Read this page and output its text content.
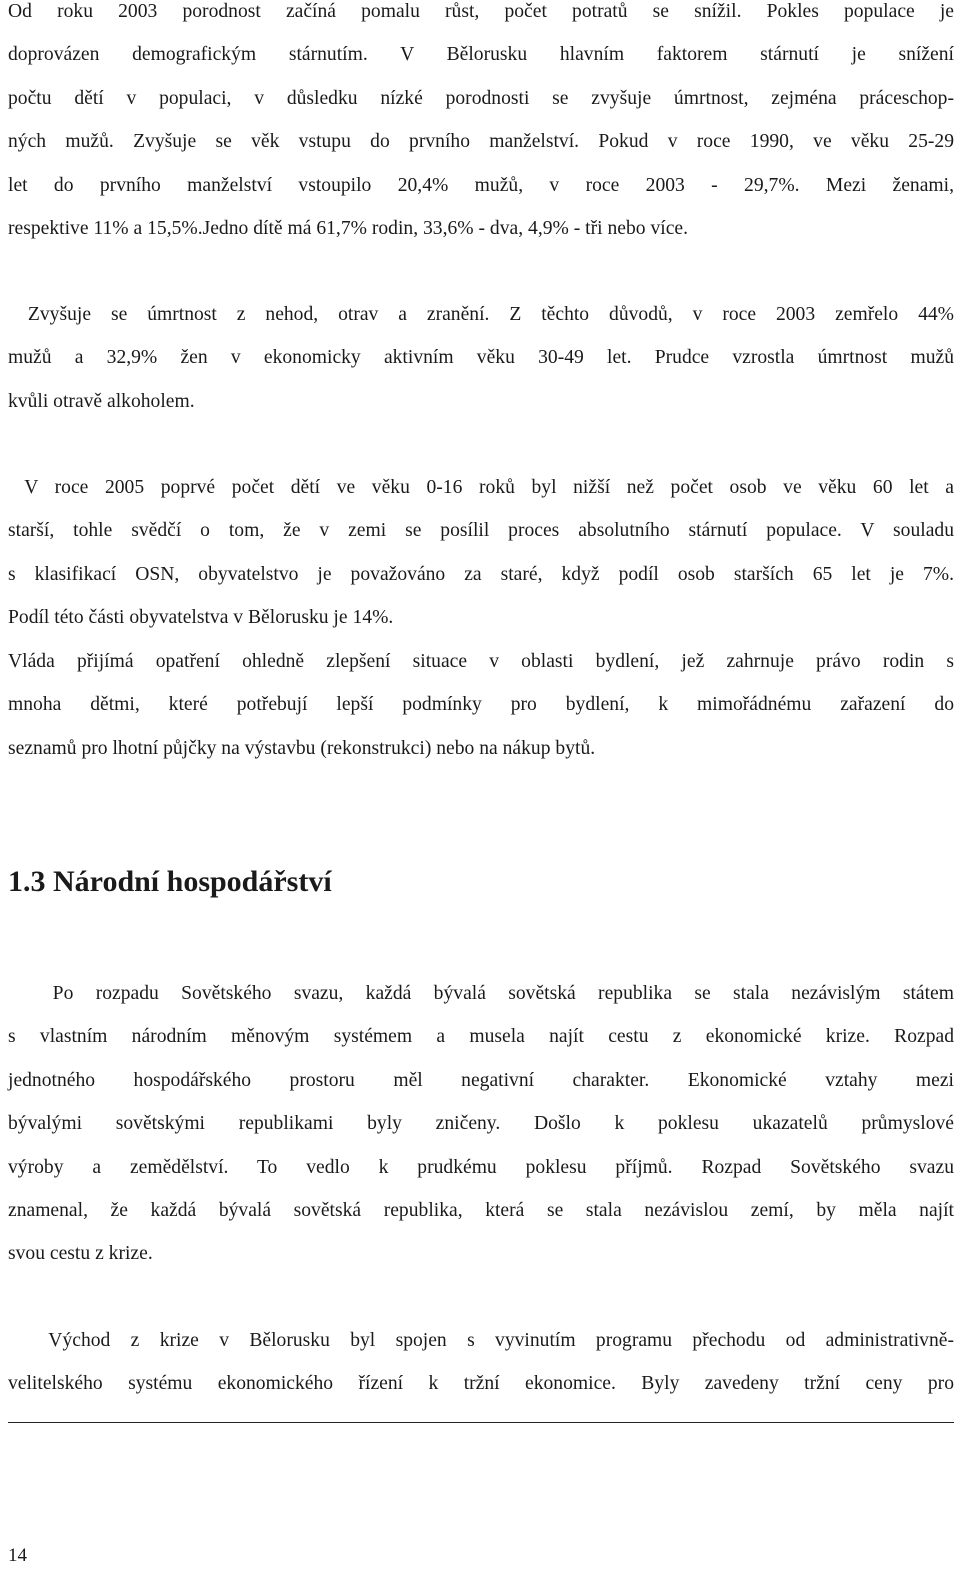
Od roku 2003 porodnost začíná pomalu růst, počet potratů se snížil. Pokles populace je
doprovázen demografickým stárnutím. V Bělorusku hlavním faktorem stárnutí je snížení
počtu dětí v populaci, v důsledku nízké porodnosti se zvyšuje úmrtnost, zejména práceschop-
ných mužů. Zvyšuje se věk vstupu do prvního manželství. Pokud v roce 1990, ve věku 25-29
let do prvního manželství vstoupilo 20,4% mužů, v roce 2003 - 29,7%. Mezi ženami,
respektive 11% a 15,5%.Jedno dítě má 61,7% rodin, 33,6% - dva, 4,9% - tři nebo více.

Zvyšuje se úmrtnost z nehod, otrav a zranění. Z těchto důvodů, v roce 2003 zemřelo 44%
mužů a 32,9% žen v ekonomicky aktivním věku 30-49 let. Prudce vzrostla úmrtnost mužů
kvůli otravě alkoholem.

V roce 2005 poprvé počet dětí ve věku 0-16 roků byl nižší než počet osob ve věku 60 let a
starší, tohle svědčí o tom, že v zemi se posílil proces absolutního stárnutí populace. V souladu
s klasifikací OSN, obyvatelstvo je považováno za staré, když podíl osob starších 65 let je 7%.
Podíl této části obyvatelstva v Bělorusku je 14%.

Vláda přijímá opatření ohledně zlepšení situace v oblasti bydlení, jež zahrnuje právo rodin s
mnoha dětmi, které potřebují lepší podmínky pro bydlení, k mimořádnému zařazení do
seznamů pro lhotní půjčky na výstavbu (rekonstrukci) nebo na nákup bytů.

Po rozpadu Sovětského svazu, každá bývalá sovětská republika se stala nezávislým státem
s vlastním národním měnovým systémem a musela najít cestu z ekonomické krize. Rozpad
jednotného hospodářského prostoru měl negativní charakter. Ekonomické vztahy mezi
bývalými sovětskými republikami byly zničeny. Došlo k poklesu ukazatelů průmyslové
výroby a zemědělství. To vedlo k prudkému poklesu příjmů. Rozpad Sovětského svazu
znamenal, že každá bývalá sovětská republika, která se stala nezávislou zemí, by měla najít
svou cestu z krize.

Východ z krize v Bělorusku byl spojen s vyvinutím programu přechodu od administrativně-
velitelského systému ekonomického řízení k tržní ekonomice. Byly zavedeny tržní ceny pro

1.3 Národní hospodářství
14
